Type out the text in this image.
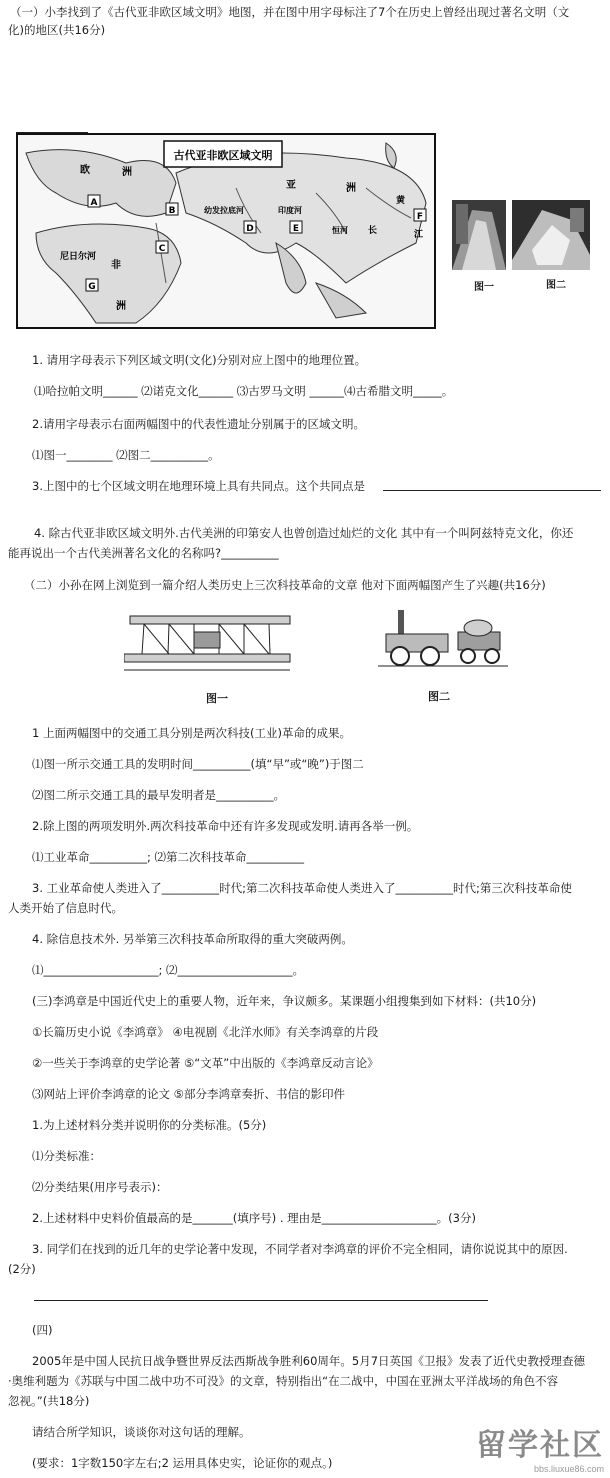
（一）小李找到了《古代亚非欧区域文明》地图，并在图中用字母标注了7个在历史上曾经出现过著名文明（文
化)的地区(共16分)
古代亚非欧区域文明
欧	洲
亚	洲
非
洲
尼日尔河
幼发拉底河	印度河
恒河
黄
长	江
A
B
C
D	E
F
G	图一	图二
1. 请用字母表示下列区域文明(文化)分别对应上图中的地理位置。
⑴哈拉帕文明______ ⑵诺克文化______ ⑶古罗马文明 ______⑷古希腊文明_____。
2.请用字母表示右面两幅图中的代表性遗址分别属于的区域文明。
⑴图一________ ⑵图二__________。
3.上图中的七个区域文明在地理环境上具有共同点。这个共同点是
4. 除古代亚非欧区域文明外.古代美洲的印第安人也曾创造过灿烂的文化 其中有一个叫阿兹特克文化，你还
能再说出一个古代美洲著名文化的名称吗?__________
（二）小孙在网上浏览到一篇介绍人类历史上三次科技革命的文章 他对下面两幅图产生了兴趣(共16分)
图一	图二
1 上面两幅图中的交通工具分别是两次科技(工业)革命的成果。
⑴图一所示交通工具的发明时间__________(填“早”或“晚”)于图二
⑵图二所示交通工具的最早发明者是__________。
2.除上图的两项发明外.两次科技革命中还有许多发现或发明.请再各举一例。
⑴工业革命__________; ⑵第二次科技革命__________
3. 工业革命使人类进入了__________时代;第二次科技革命使人类进入了__________时代;第三次科技革命使
人类开始了信息时代。
4. 除信息技术外. 另举第三次科技革命所取得的重大突破两例。
⑴____________________; ⑵____________________。
(三)李鸿章是中国近代史上的重要人物，近年来，争议颇多。某课题小组搜集到如下材料：(共10分)
①长篇历史小说《李鸿章》 ④电视剧《北洋水师》有关李鸿章的片段
②一些关于李鸿章的史学论著 ⑤“文革”中出版的《李鸿章反动言论》
⑶网站上评价李鸿章的论文 ⑤部分李鸿章奏折、书信的影印件
1.为上述材料分类并说明你的分类标准。(5分)
⑴分类标准：
⑵分类结果(用序号表示)：
2.上述材料中史料价值最高的是_______(填序号) . 理由是____________________。(3分)
3. 同学们在找到的近几年的史学论著中发现，不同学者对李鸿章的评价不完全相同，请你说说其中的原因.
(2分)
(四)
2005年是中国人民抗日战争暨世界反法西斯战争胜利60周年。5月7日英国《卫报》发表了近代史教授理查德
·奥维利题为《苏联与中国二战中功不可没》的文章，特别指出“在二战中，中国在亚洲太平洋战场的角色不容
忽视。”(共18分)
请结合所学知识，谈谈你对这句话的理解。
(要求：1字数150字左右;2 运用具体史实，论证你的观点。)	留学社区
bbs.liuxue86.com
